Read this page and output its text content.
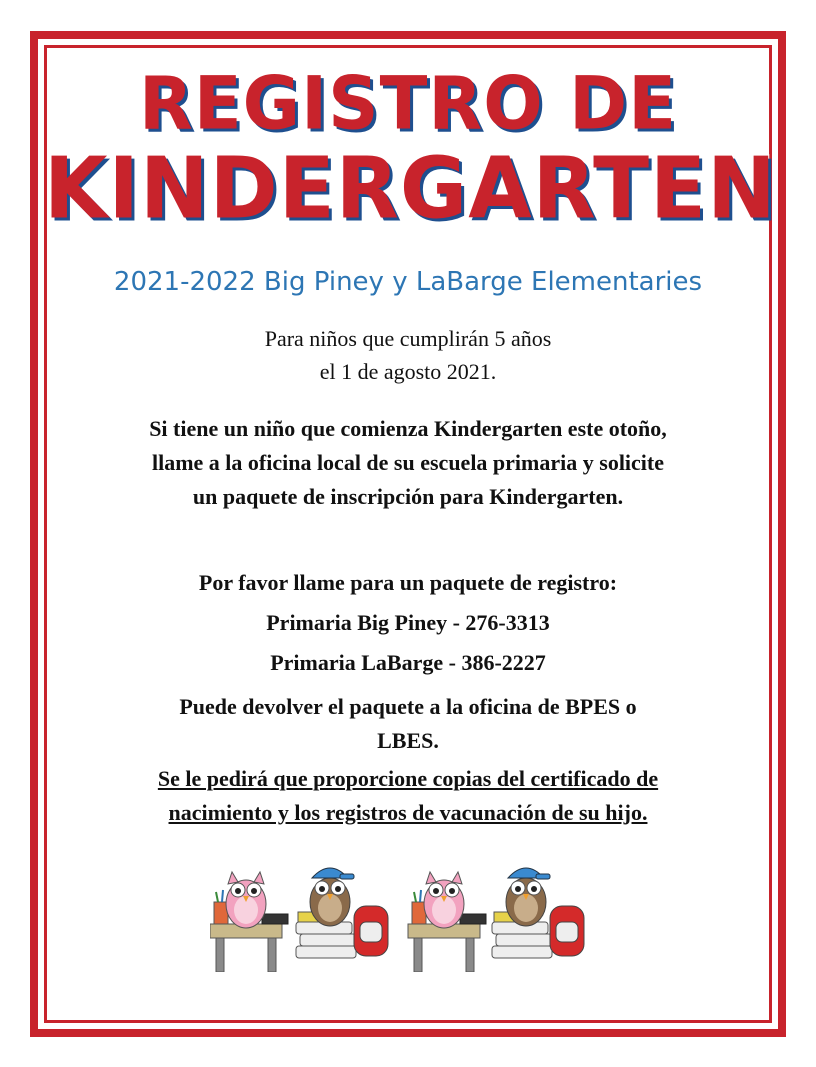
REGISTRO DE
KINDERGARTEN
2021-2022 Big Piney y LaBarge Elementaries
Para niños que cumplirán 5 años
el 1 de agosto 2021.
Si tiene un niño que comienza Kindergarten este otoño,
llame a la oficina local de su escuela primaria y solicite
un paquete de inscripción para Kindergarten.
Por favor llame para un paquete de registro:
Primaria Big Piney - 276-3313
Primaria LaBarge - 386-2227
Puede devolver el paquete a la oficina de BPES o
LBES.
Se le pedirá que proporcione copias del certificado de
nacimiento y los registros de vacunación de su hijo.
